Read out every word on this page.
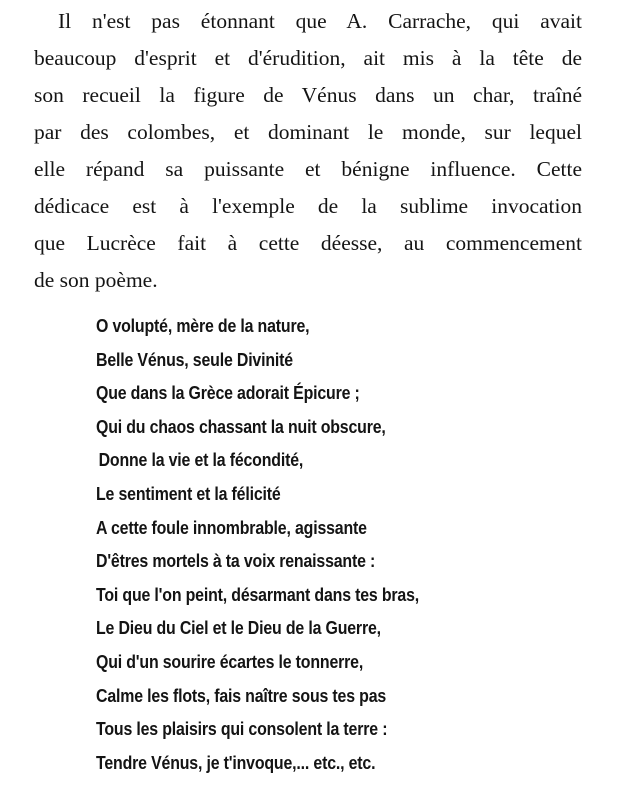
Il n'est pas étonnant que A. Carrache, qui avait
beaucoup d'esprit et d'érudition, ait mis à la tête de
son recueil la figure de Vénus dans un char, traîné
par des colombes, et dominant le monde, sur lequel
elle répand sa puissante et bénigne influence. Cette
dédicace est à l'exemple de la sublime invocation
que Lucrèce fait à cette déesse, au commencement
de son poème.
O volupté, mère de la nature,
Belle Vénus, seule Divinité
Que dans la Grèce adorait Épicure ;
Qui du chaos chassant la nuit obscure,
Donne la vie et la fécondité,
Le sentiment et la félicité
A cette foule innombrable, agissante
D'êtres mortels à ta voix renaissante :
Toi que l'on peint, désarmant dans tes bras,
Le Dieu du Ciel et le Dieu de la Guerre,
Qui d'un sourire écartes le tonnerre,
Calme les flots, fais naître sous tes pas
Tous les plaisirs qui consolent la terre :
Tendre Vénus, je t'invoque,... etc., etc.
